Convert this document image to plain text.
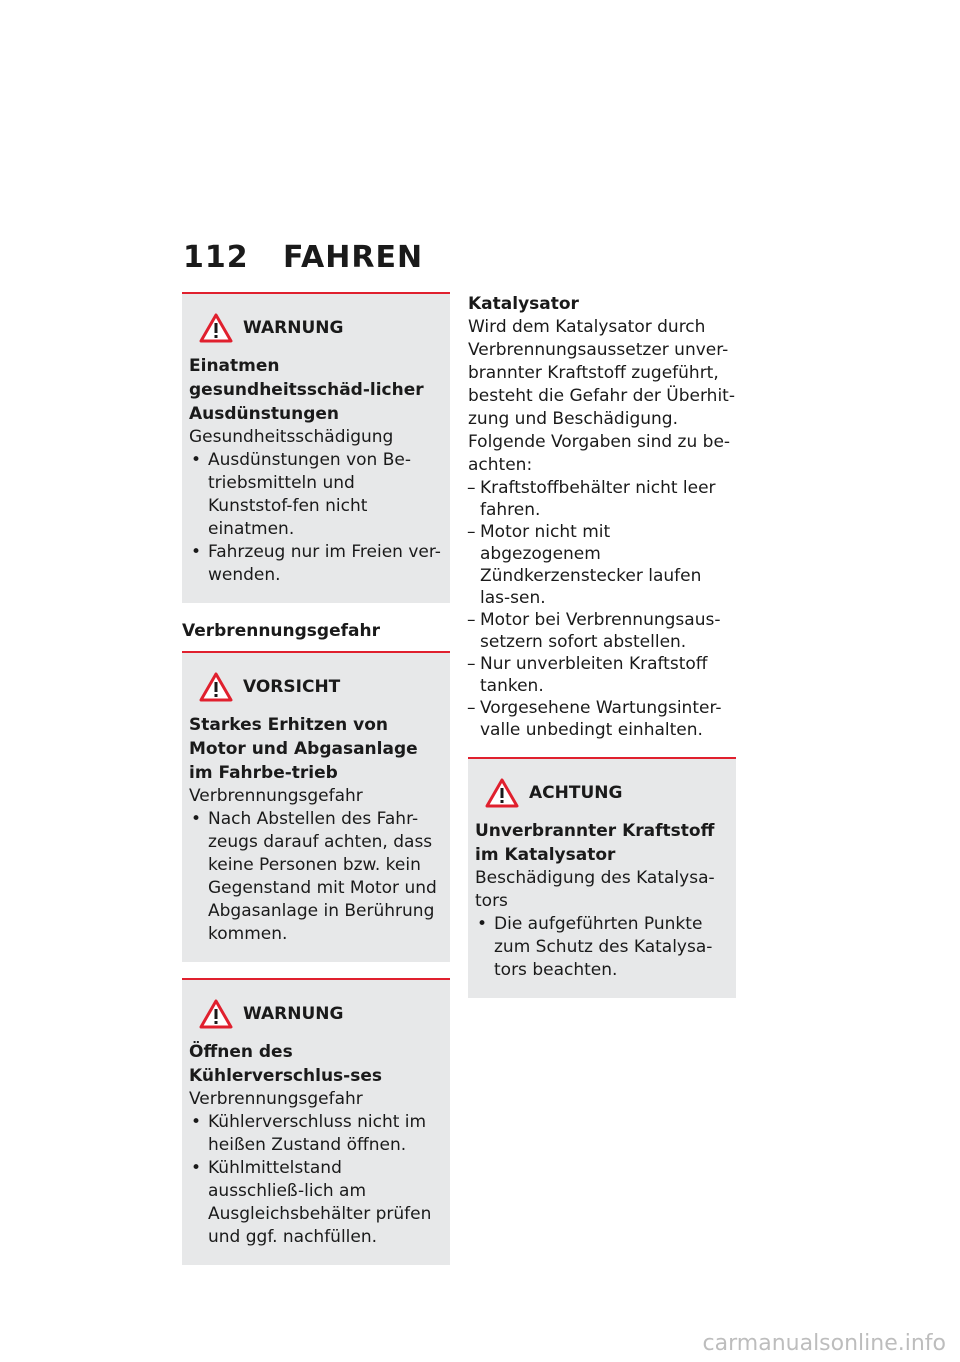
112 FAHREN
WARNUNG
Einatmen gesundheitsschäd-licher Ausdünstungen
Gesundheitsschädigung
• Ausdünstungen von Be-triebsmitteln und Kunststof-fen nicht einatmen.
• Fahrzeug nur im Freien ver-wenden.
Verbrennungsgefahr
VORSICHT
Starkes Erhitzen von Motor und Abgasanlage im Fahrbe-trieb
Verbrennungsgefahr
• Nach Abstellen des Fahr-zeugs darauf achten, dass keine Personen bzw. kein Gegenstand mit Motor und Abgasanlage in Berührung kommen.
WARNUNG
Öffnen des Kühlerverschlus-ses
Verbrennungsgefahr
• Kühlerverschluss nicht im heißen Zustand öffnen.
• Kühlmittelstand ausschließ-lich am Ausgleichsbehälter prüfen und ggf. nachfüllen.
Katalysator
Wird dem Katalysator durch Verbrennungsaussetzer unver-brannter Kraftstoff zugeführt, besteht die Gefahr der Überhit-zung und Beschädigung.
Folgende Vorgaben sind zu be-achten:
– Kraftstoffbehälter nicht leer fahren.
– Motor nicht mit abgezogenem Zündkerzenstecker laufen las-sen.
– Motor bei Verbrennungsaus-setzern sofort abstellen.
– Nur unverbleiten Kraftstoff tanken.
– Vorgesehene Wartungsinter-valle unbedingt einhalten.
ACHTUNG
Unverbrannter Kraftstoff im Katalysator
Beschädigung des Katalysa-tors
• Die aufgeführten Punkte zum Schutz des Katalysa-tors beachten.
carmanualsonline.info
